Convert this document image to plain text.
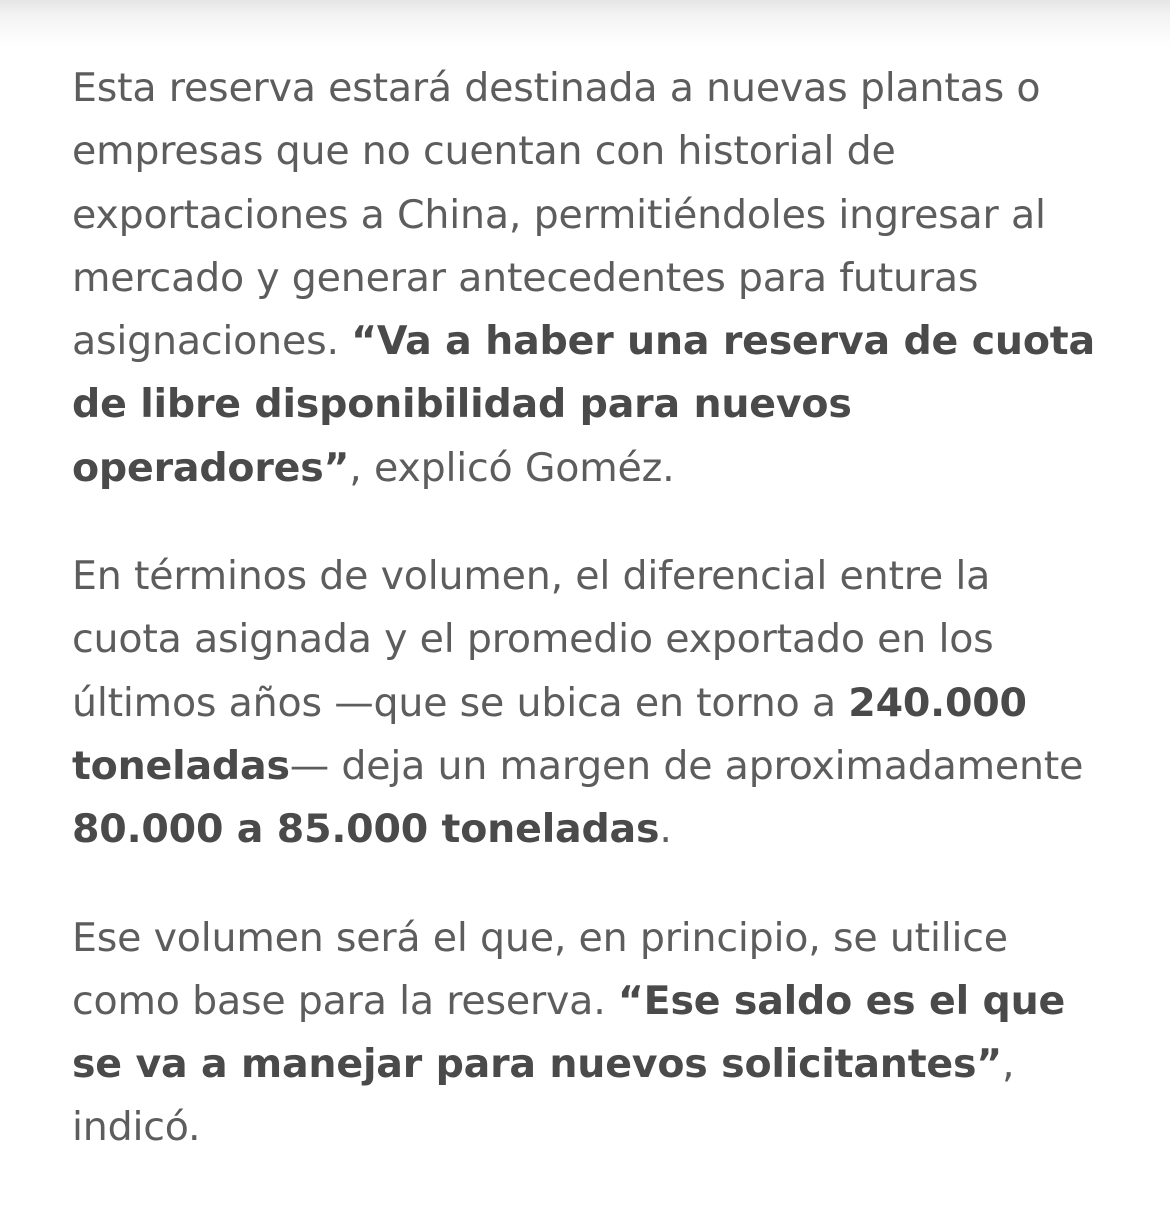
Esta reserva estará destinada a nuevas plantas o empresas que no cuentan con historial de exportaciones a China, permitiéndoles ingresar al mercado y generar antecedentes para futuras asignaciones. “Va a haber una reserva de cuota de libre disponibilidad para nuevos operadores”, explicó Goméz.

En términos de volumen, el diferencial entre la cuota asignada y el promedio exportado en los últimos años —que se ubica en torno a 240.000 toneladas— deja un margen de aproximadamente 80.000 a 85.000 toneladas.

Ese volumen será el que, en principio, se utilice como base para la reserva. “Ese saldo es el que se va a manejar para nuevos solicitantes”, indicó.
